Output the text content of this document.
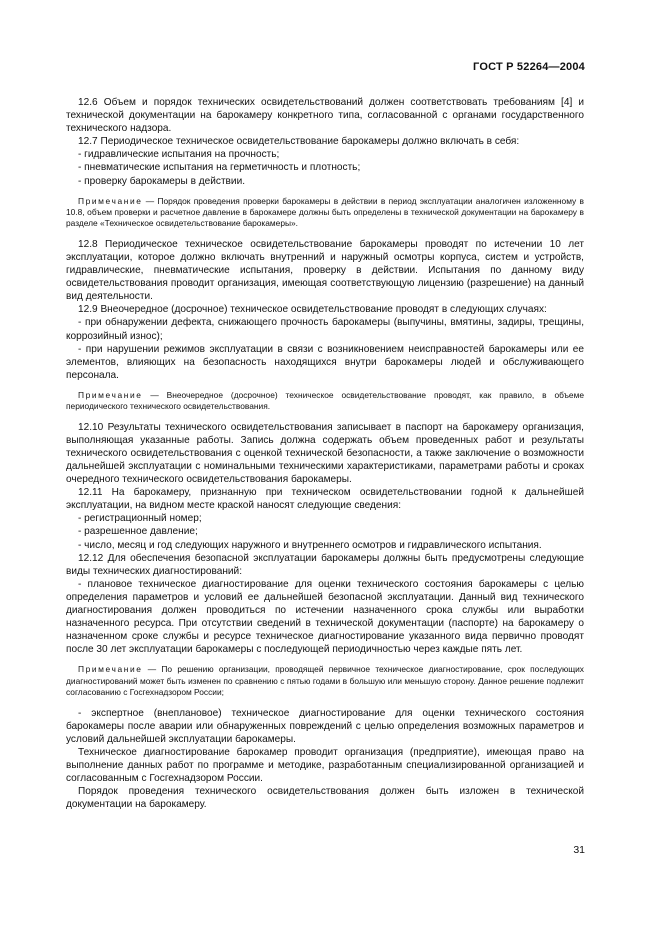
ГОСТ Р 52264—2004

12.6 Объем и порядок технических освидетельствований должен соответствовать требованиям [4] и технической документации на барокамеру конкретного типа, согласованной с органами государственного технического надзора.

12.7 Периодическое техническое освидетельствование барокамеры должно включать в себя:

- гидравлические испытания на прочность;

- пневматические испытания на герметичность и плотность;

- проверку барокамеры в действии.

Примечание — Порядок проведения проверки барокамеры в действии в период эксплуатации аналогичен изложенному в 10.8, объем проверки и расчетное давление в барокамере должны быть определены в технической документации на барокамеру в разделе «Техническое освидетельствование барокамеры».

12.8 Периодическое техническое освидетельствование барокамеры проводят по истечении 10 лет эксплуатации, которое должно включать внутренний и наружный осмотры корпуса, систем и устройств, гидравлические, пневматические испытания, проверку в действии. Испытания по данному виду освидетельствования проводит организация, имеющая соответствующую лицензию (разрешение) на данный вид деятельности.

12.9 Внеочередное (досрочное) техническое освидетельствование проводят в следующих случаях:

- при обнаружении дефекта, снижающего прочность барокамеры (выпучины, вмятины, задиры, трещины, коррозийный износ);

- при нарушении режимов эксплуатации в связи с возникновением неисправностей барокамеры или ее элементов, влияющих на безопасность находящихся внутри барокамеры людей и обслуживающего персонала.

Примечание — Внеочередное (досрочное) техническое освидетельствование проводят, как правило, в объеме периодического технического освидетельствования.

12.10 Результаты технического освидетельствования записывает в паспорт на барокамеру организация, выполняющая указанные работы. Запись должна содержать объем проведенных работ и результаты технического освидетельствования с оценкой технической безопасности, а также заключение о возможности дальнейшей эксплуатации с номинальными техническими характеристиками, параметрами работы и сроках очередного технического освидетельствования барокамеры.

12.11 На барокамеру, признанную при техническом освидетельствовании годной к дальнейшей эксплуатации, на видном месте краской наносят следующие сведения:

- регистрационный номер;

- разрешенное давление;

- число, месяц и год следующих наружного и внутреннего осмотров и гидравлического испытания.

12.12 Для обеспечения безопасной эксплуатации барокамеры должны быть предусмотрены следующие виды технических диагностирований:

- плановое техническое диагностирование для оценки технического состояния барокамеры с целью определения параметров и условий ее дальнейшей безопасной эксплуатации. Данный вид технического диагностирования должен проводиться по истечении назначенного срока службы или выработки назначенного ресурса. При отсутствии сведений в технической документации (паспорте) на барокамеру о назначенном сроке службы и ресурсе техническое диагностирование указанного вида первично проводят после 30 лет эксплуатации барокамеры с последующей периодичностью через каждые пять лет.

Примечание — По решению организации, проводящей первичное техническое диагностирование, срок последующих диагностирований может быть изменен по сравнению с пятью годами в большую или меньшую сторону. Данное решение подлежит согласованию с Госгехнадзором России;

- экспертное (внеплановое) техническое диагностирование для оценки технического состояния барокамеры после аварии или обнаруженных повреждений с целью определения возможных параметров и условий дальнейшей эксплуатации барокамеры.

Техническое диагностирование барокамер проводит организация (предприятие), имеющая право на выполнение данных работ по программе и методике, разработанным специализированной организацией и согласованным с Госгехнадзором России.

Порядок проведения технического освидетельствования должен быть изложен в технической документации на барокамеру.

31
